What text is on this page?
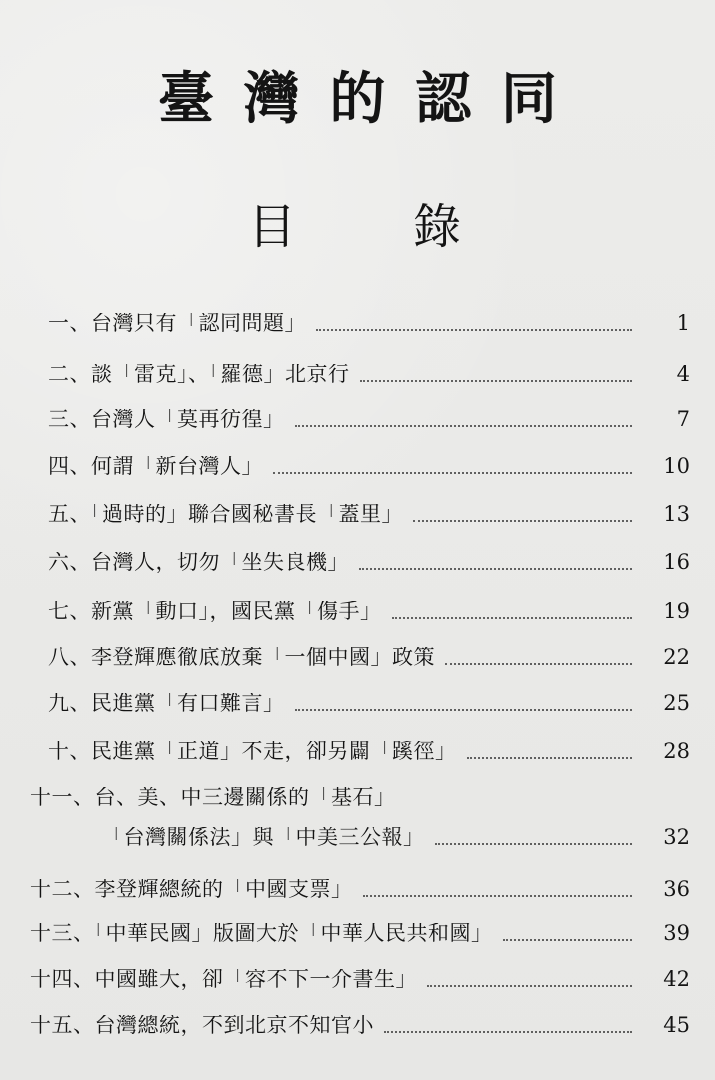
臺 灣 的 認 同
目 錄
一、台灣只有「認同問題」	1
二、談「雷克」、「羅德」北京行	4
三、台灣人「莫再彷徨」	7
四、何謂「新台灣人」	10
五、「過時的」聯合國秘書長「蓋里」	13
六、台灣人，切勿「坐失良機」	16
七、新黨「動口」，國民黨「傷手」	19
八、李登輝應徹底放棄「一個中國」政策	22
九、民進黨「有口難言」	25
十、民進黨「正道」不走，卻另闢「蹊徑」	28
十一、台、美、中三邊關係的「基石」
「台灣關係法」與「中美三公報」	32
十二、李登輝總統的「中國支票」	36
十三、「中華民國」版圖大於「中華人民共和國」	39
十四、中國雖大，卻「容不下一介書生」	42
十五、台灣總統，不到北京不知官小	45
